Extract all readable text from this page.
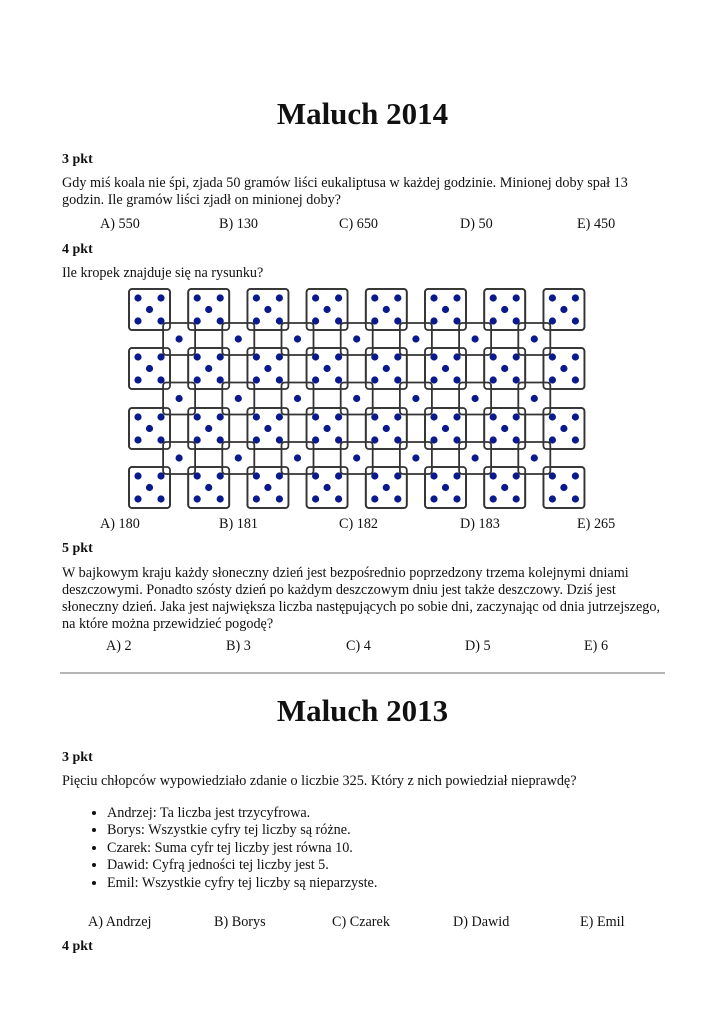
Maluch 2014
3 pkt
Gdy miś koala nie śpi, zjada 50 gramów liści eukaliptusa w każdej godzinie. Minionej doby spał 13 godzin. Ile gramów liści zjadł on minionej doby?
A) 550	B) 130	C) 650	D) 50	E) 450
4 pkt
Ile kropek znajduje się na rysunku?
A) 180	B) 181	C) 182	D) 183	E) 265
5 pkt
W bajkowym kraju każdy słoneczny dzień jest bezpośrednio poprzedzony trzema kolejnymi dniami deszczowymi. Ponadto szósty dzień po każdym deszczowym dniu jest także deszczowy. Dziś jest słoneczny dzień. Jaka jest największa liczba następujących po sobie dni, zaczynając od dnia jutrzejszego, na które można przewidzieć pogodę?
A) 2	B) 3	C) 4	D) 5	E) 6
Maluch 2013
3 pkt
Pięciu chłopców wypowiedziało zdanie o liczbie 325. Który z nich powiedział nieprawdę?
• Andrzej: Ta liczba jest trzycyfrowa.
• Borys: Wszystkie cyfry tej liczby są różne.
• Czarek: Suma cyfr tej liczby jest równa 10.
• Dawid: Cyfrą jedności tej liczby jest 5.
• Emil: Wszystkie cyfry tej liczby są nieparzyste.
A) Andrzej	B) Borys	C) Czarek	D) Dawid	E) Emil
4 pkt
